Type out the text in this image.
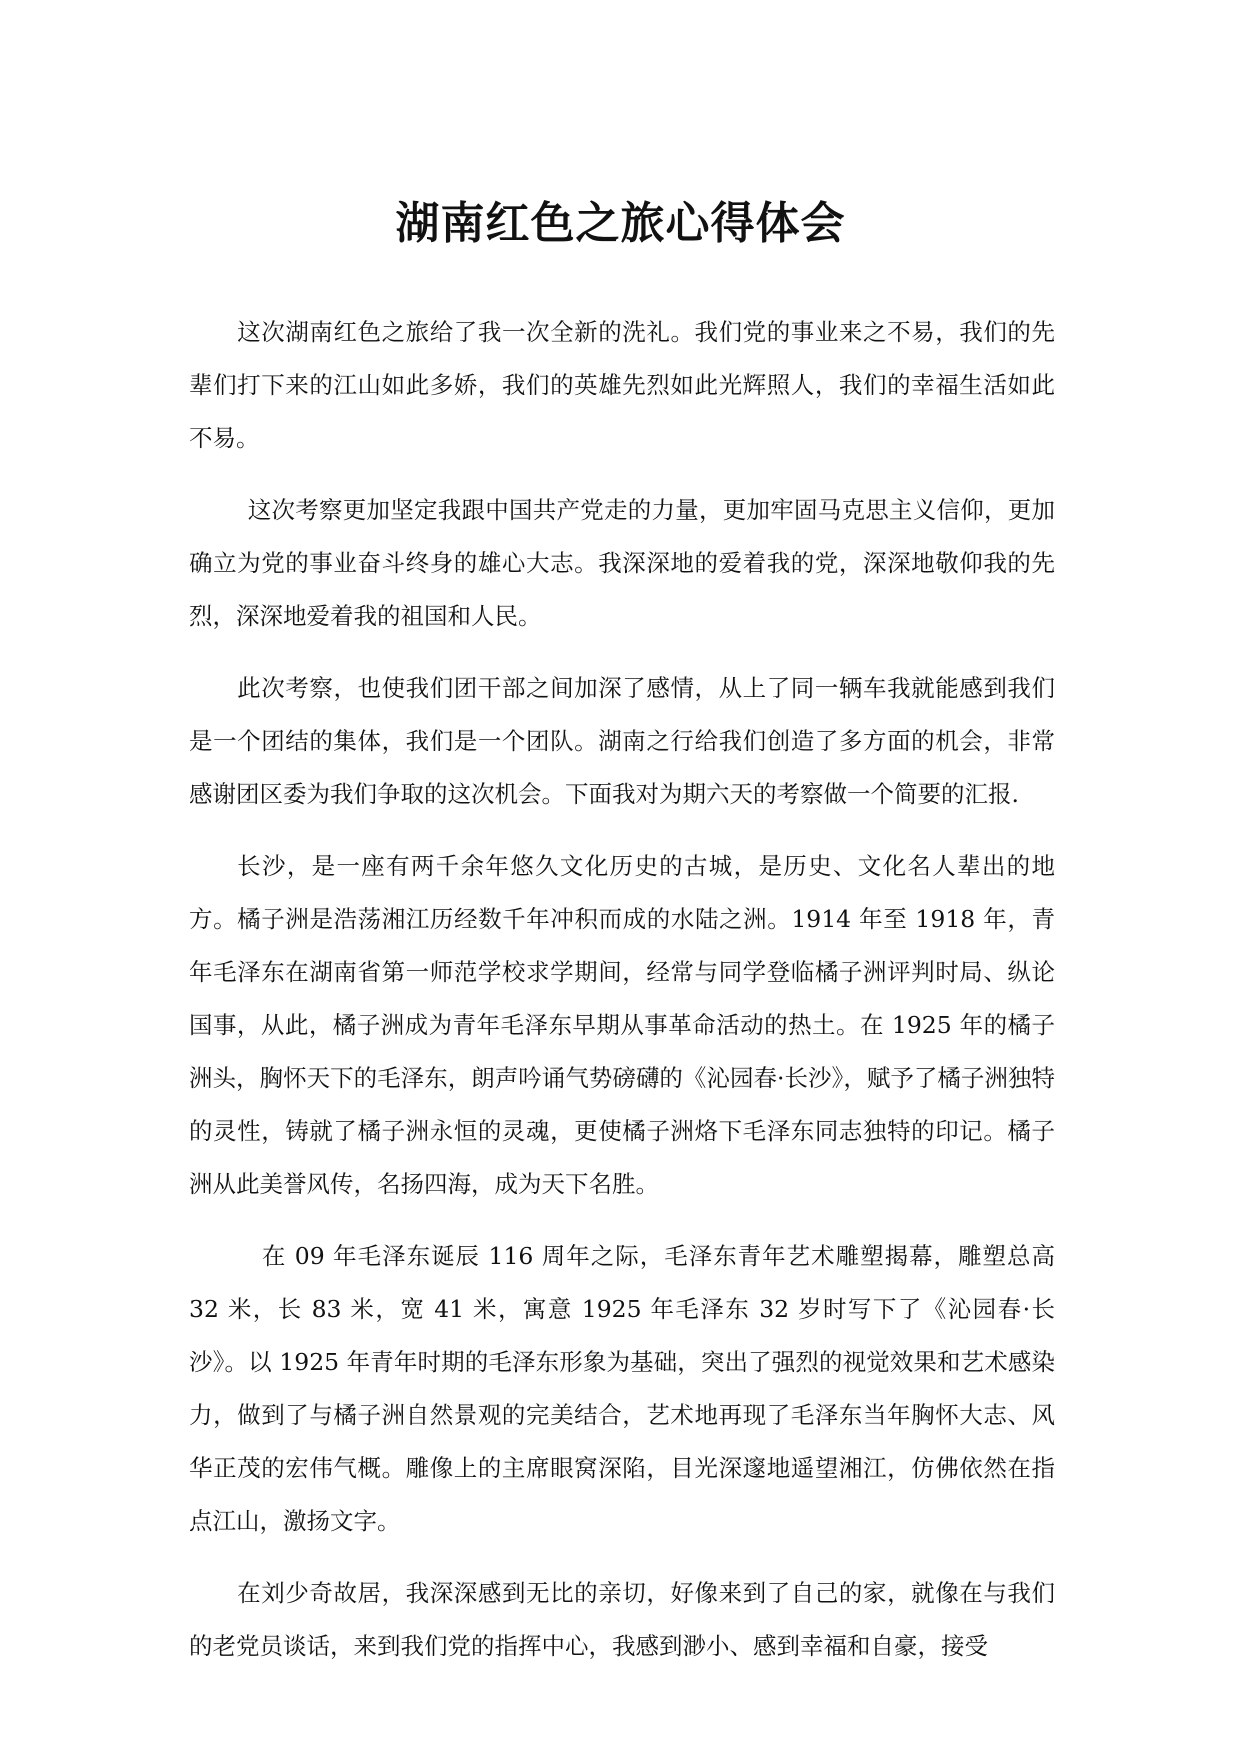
湖南红色之旅心得体会

这次湖南红色之旅给了我一次全新的洗礼。我们党的事业来之不易，我们的先辈们打下来的江山如此多娇，我们的英雄先烈如此光辉照人，我们的幸福生活如此不易。

这次考察更加坚定我跟中国共产党走的力量，更加牢固马克思主义信仰，更加确立为党的事业奋斗终身的雄心大志。我深深地的爱着我的党，深深地敬仰我的先烈，深深地爱着我的祖国和人民。

此次考察，也使我们团干部之间加深了感情，从上了同一辆车我就能感到我们是一个团结的集体，我们是一个团队。湖南之行给我们创造了多方面的机会，非常感谢团区委为我们争取的这次机会。下面我对为期六天的考察做一个简要的汇报.

长沙，是一座有两千余年悠久文化历史的古城，是历史、文化名人辈出的地方。橘子洲是浩荡湘江历经数千年冲积而成的水陆之洲。1914 年至 1918 年，青年毛泽东在湖南省第一师范学校求学期间，经常与同学登临橘子洲评判时局、纵论国事，从此，橘子洲成为青年毛泽东早期从事革命活动的热土。在 1925 年的橘子洲头，胸怀天下的毛泽东，朗声吟诵气势磅礴的《沁园春·长沙》，赋予了橘子洲独特的灵性，铸就了橘子洲永恒的灵魂，更使橘子洲烙下毛泽东同志独特的印记。橘子洲从此美誉风传，名扬四海，成为天下名胜。

在 09 年毛泽东诞辰 116 周年之际，毛泽东青年艺术雕塑揭幕，雕塑总高 32 米，长 83 米，宽 41 米，寓意 1925 年毛泽东 32 岁时写下了《沁园春·长沙》。以 1925 年青年时期的毛泽东形象为基础，突出了强烈的视觉效果和艺术感染力，做到了与橘子洲自然景观的完美结合，艺术地再现了毛泽东当年胸怀大志、风华正茂的宏伟气概。雕像上的主席眼窝深陷，目光深邃地遥望湘江，仿佛依然在指点江山，激扬文字。

在刘少奇故居，我深深感到无比的亲切，好像来到了自己的家，就像在与我们的老党员谈话，来到我们党的指挥中心，我感到渺小、感到幸福和自豪，接受
